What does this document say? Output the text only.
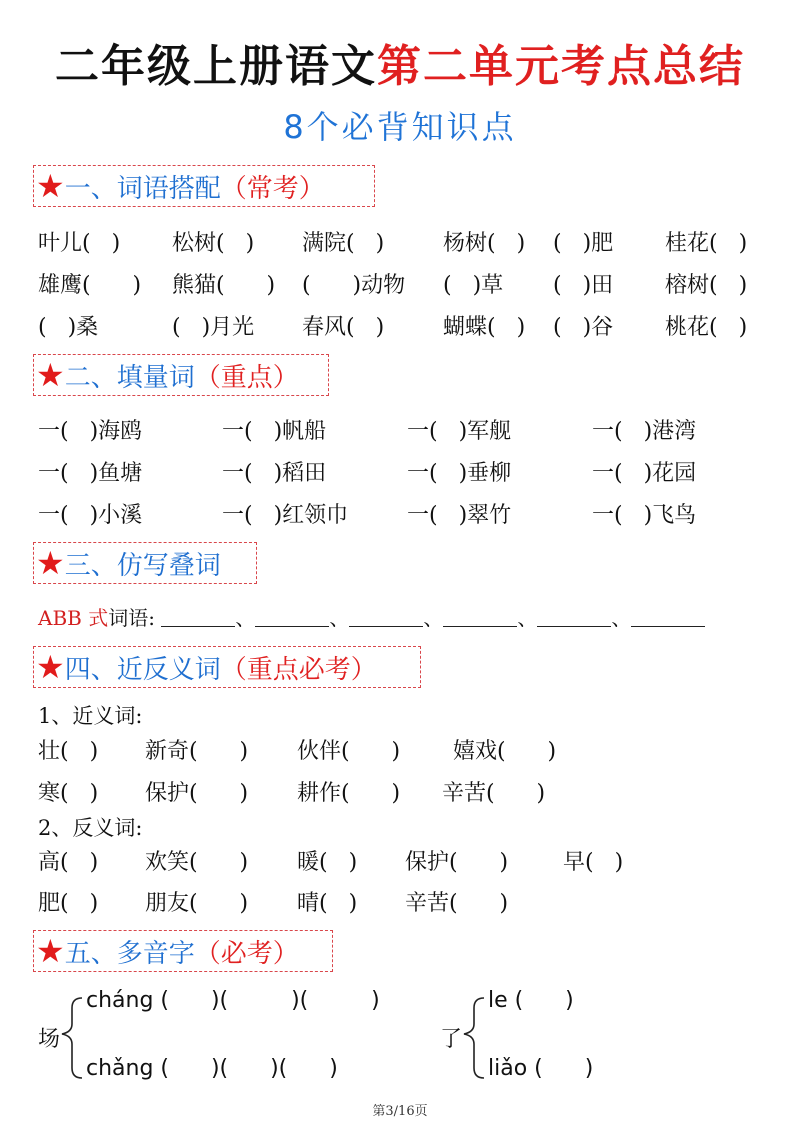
二年级上册语文第二单元考点总结
8个必背知识点
★ 一、词语搭配 （常考）
叶儿(   ) 松树(   ) 满院(   )	杨树(   ) (   )肥 桂花(   )
雄鹰(      ) 熊猫(      ) (      )动物 (   )草 (   )田 榕树(   )
(   )桑	(   )月光 春风(   )	蝴蝶(   ) (   )谷 桃花(   )
★ 二、填量词 （重点）
一(   )海鸥	一(   )帆船	一(   )军舰	一(   )港湾
一(   )鱼塘	一(   )稻田	一(   )垂柳	一(   )花园
一(   )小溪	一(   )红领巾	一(   )翠竹	一(   )飞鸟
★ 三、仿写叠词
ABB 式词语:	、	、	、	、	、
★ 四、近反义词 （重点必考）
1、近义词:
壮(   ) 新奇(      ) 伙伴(      ) 嬉戏(      )
寒(   ) 保护(      ) 耕作(      ) 辛苦(      )
2、反义词:
高(   ) 欢笑(      ) 暖(   ) 保护(      ) 早(   )
肥(   ) 朋友(      ) 晴(   ) 辛苦(      )
★ 五、多音字 （必考）
场
cháng (      )(         )(         )
chǎng (      )(      )(      )
了
le (      )
liǎo (      )
第3/16页
